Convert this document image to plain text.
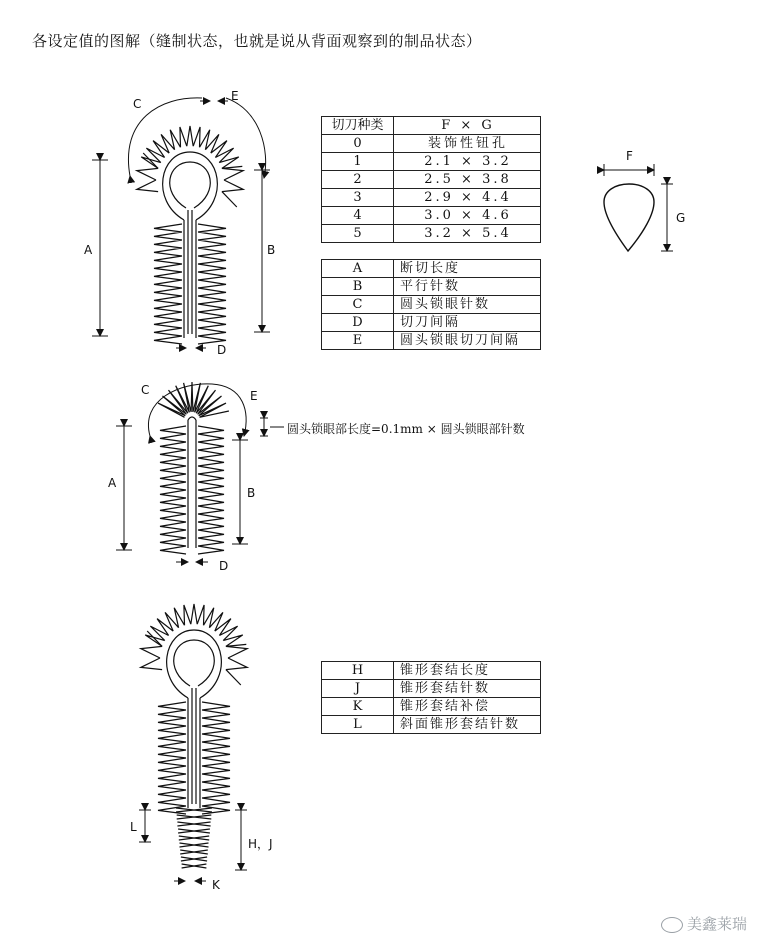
各设定值的图解（缝制状态，也就是说从背面观察到的制品状态）
C
E
A	B
D
C	E
A
B
D
L
H，J
K
F
G
圆头锁眼部长度=0.1mm × 圆头锁眼部针数
切刀种类	F × G
0	装饰性钮孔
1	2.1 × 3.2
2	2.5 × 3.8
3	2.9 × 4.4
4	3.0 × 4.6
5	3.2 × 5.4
A	断切长度
B	平行针数
C	圆头锁眼针数
D	切刀间隔
E	圆头锁眼切刀间隔
H	锥形套结长度
J	锥形套结针数
K	锥形套结补偿
L	斜面锥形套结针数
美鑫莱瑞
